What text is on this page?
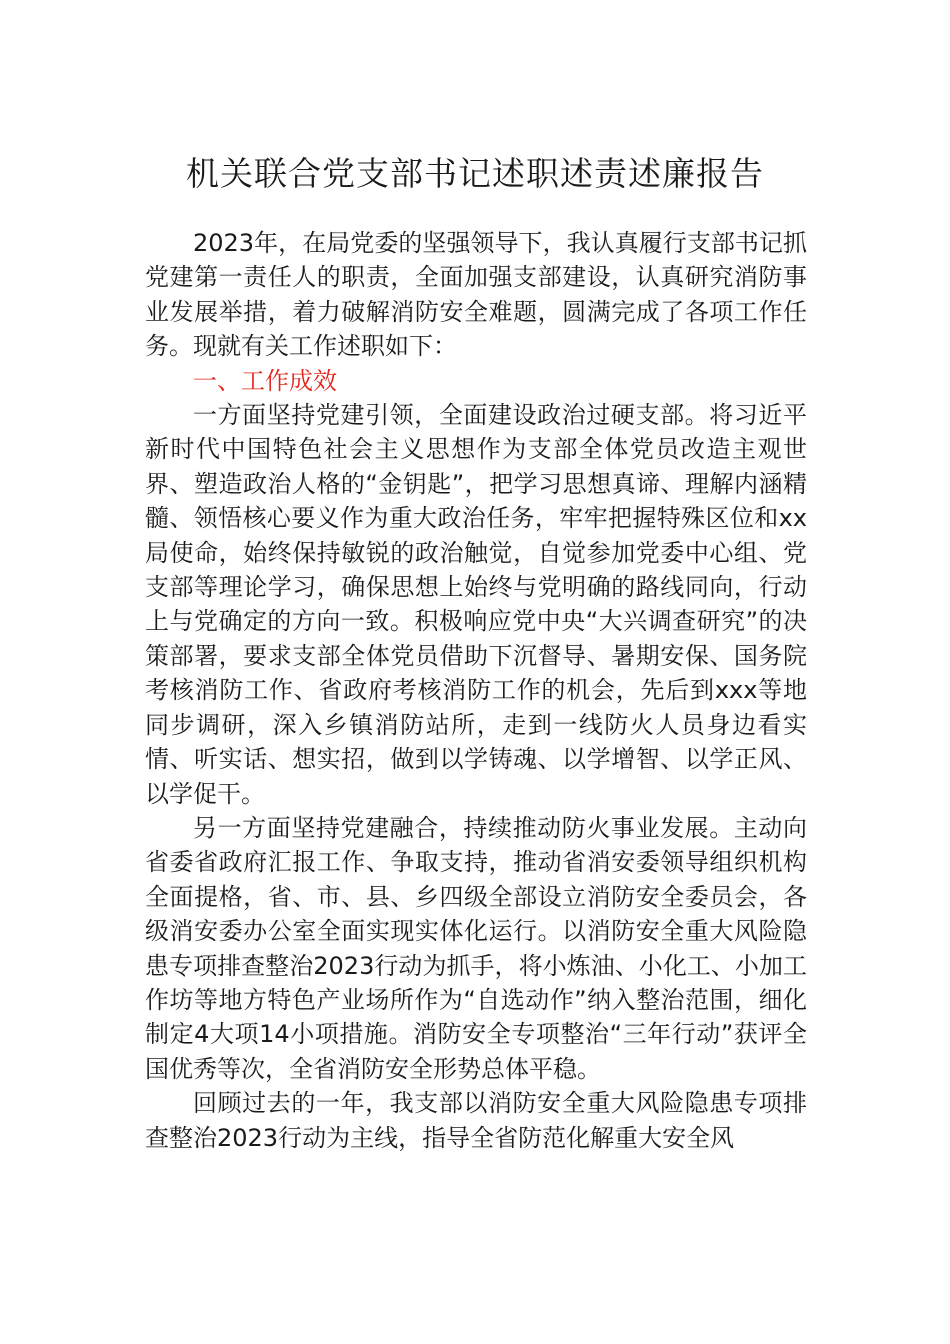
机关联合党支部书记述职述责述廉报告

2023年，在局党委的坚强领导下，我认真履行支部书记抓党建第一责任人的职责，全面加强支部建设，认真研究消防事业发展举措，着力破解消防安全难题，圆满完成了各项工作任务。现就有关工作述职如下：

一、工作成效

一方面坚持党建引领，全面建设政治过硬支部。将习近平新时代中国特色社会主义思想作为支部全体党员改造主观世界、塑造政治人格的“金钥匙”，把学习思想真谛、理解内涵精髓、领悟核心要义作为重大政治任务，牢牢把握特殊区位和xx局使命，始终保持敏锐的政治触觉，自觉参加党委中心组、党支部等理论学习，确保思想上始终与党明确的路线同向，行动上与党确定的方向一致。积极响应党中央“大兴调查研究”的决策部署，要求支部全体党员借助下沉督导、暑期安保、国务院考核消防工作、省政府考核消防工作的机会，先后到xxx等地同步调研，深入乡镇消防站所，走到一线防火人员身边看实情、听实话、想实招，做到以学铸魂、以学增智、以学正风、以学促干。

另一方面坚持党建融合，持续推动防火事业发展。主动向省委省政府汇报工作、争取支持，推动省消安委领导组织机构全面提格，省、市、县、乡四级全部设立消防安全委员会，各级消安委办公室全面实现实体化运行。以消防安全重大风险隐患专项排查整治2023行动为抓手，将小炼油、小化工、小加工作坊等地方特色产业场所作为“自选动作”纳入整治范围，细化制定4大项14小项措施。消防安全专项整治“三年行动”获评全国优秀等次，全省消防安全形势总体平稳。

回顾过去的一年，我支部以消防安全重大风险隐患专项排查整治2023行动为主线，指导全省防范化解重大安全风
